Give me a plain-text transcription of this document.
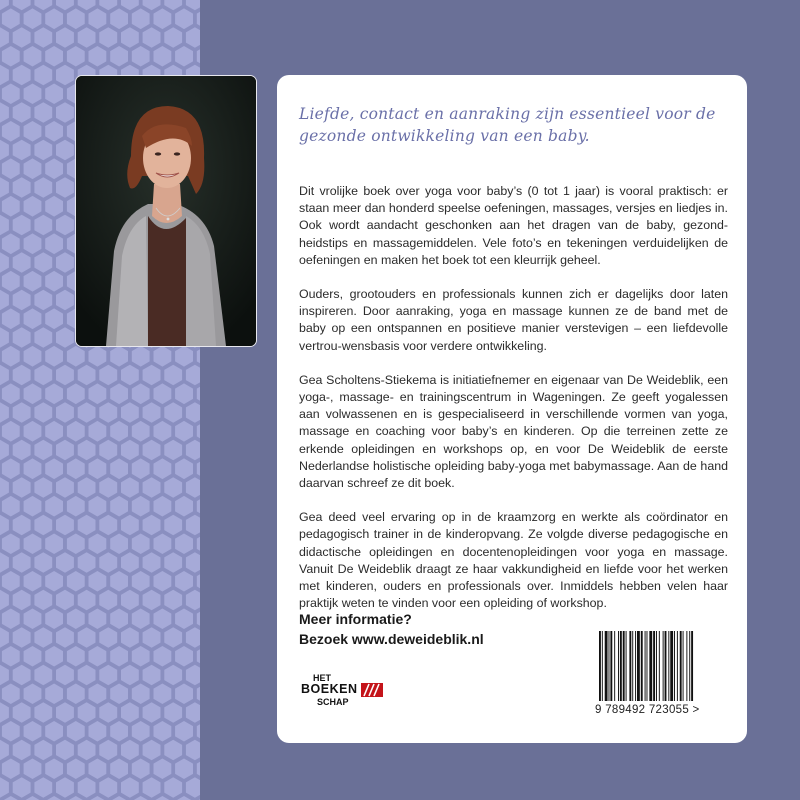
Liefde, contact en aanraking zijn essentieel voor de gezonde ontwikkeling van een baby.

Dit vrolijke boek over yoga voor baby’s (0 tot 1 jaar) is vooral praktisch: er staan meer dan honderd speelse oefeningen, massages, versjes en liedjes in. Ook wordt aandacht geschonken aan het dragen van de baby, gezond-heidstips en massagemiddelen. Vele foto’s en tekeningen verduidelijken de oefeningen en maken het boek tot een kleurrijk geheel.

Ouders, grootouders en professionals kunnen zich er dagelijks door laten inspireren. Door aanraking, yoga en massage kunnen ze de band met de baby op een ontspannen en positieve manier verstevigen – een liefdevolle vertrou-wensbasis voor verdere ontwikkeling.

Gea Scholtens-Stiekema is initiatiefnemer en eigenaar van De Weideblik, een yoga-, massage- en trainingscentrum in Wageningen. Ze geeft yogalessen aan volwassenen en is gespecialiseerd in verschillende vormen van yoga, massage en coaching voor baby’s en kinderen. Op die terreinen zette ze erkende opleidingen en workshops op, en voor De Weideblik de eerste Nederlandse holistische opleiding baby-yoga met babymassage. Aan de hand daarvan schreef ze dit boek.

Gea deed veel ervaring op in de kraamzorg en werkte als coördinator en pedagogisch trainer in de kinderopvang. Ze volgde diverse pedagogische en didactische opleidingen en docentenopleidingen voor yoga en massage. Vanuit De Weideblik draagt ze haar vakkundigheid en liefde voor het werken met kinderen, ouders en professionals over. Inmiddels hebben velen haar praktijk weten te vinden voor een opleiding of workshop.

Meer informatie?
Bezoek www.deweideblik.nl
HET
BOEKEN
SCHAP
9 789492 723055 >
